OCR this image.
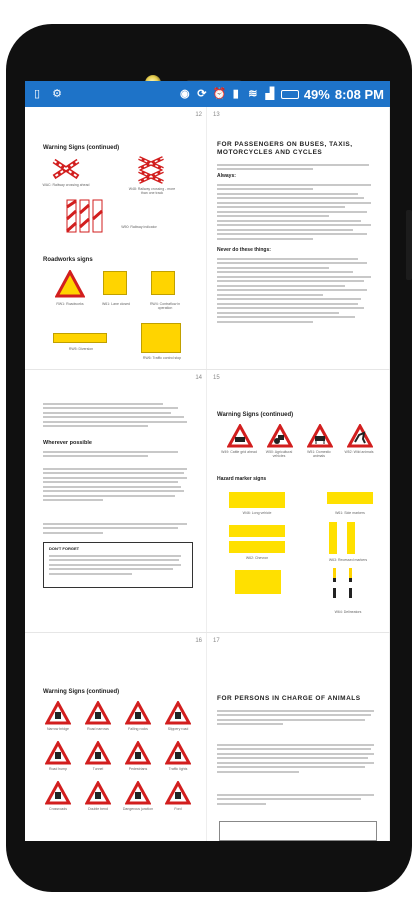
▯ ⚙	◉ ⟳ ⏰ ▮ ≋ ▟ 49% 8:08 PM
12
Warning Signs (continued)
WAC: Railway crossing ahead
W48: Railway crossing - more than one track
W50: Railway indicator
Roadworks signs
RW1: Roadworks	W61: Lane closed	RW4: Contraflow in operation
RW5: Diversion
RW6: Traffic control stop
13
FOR PASSENGERS ON BUSES, TAXIS, MOTORCYCLES AND CYCLES
Always:
Never do these things:
14
Wherever possible
DON'T FORGET
15
Warning Signs (continued)
W49: Cattle grid ahead	W50: Agricultural vehicles
W51: Domestic animals
W52: Wild animals
Hazard marker signs
W46: Long vehicle	W61: Side markers
W62: Chevron	W63: Recessed markers
W64: Delineators
16
Warning Signs (continued)
Narrow bridge	Road narrows	Falling rocks	Slippery road
Road hump	Tunnel	Pedestrians	Traffic lights
Crossroads	Double bend	Dangerous junction	Ford
17
FOR PERSONS IN CHARGE OF ANIMALS
